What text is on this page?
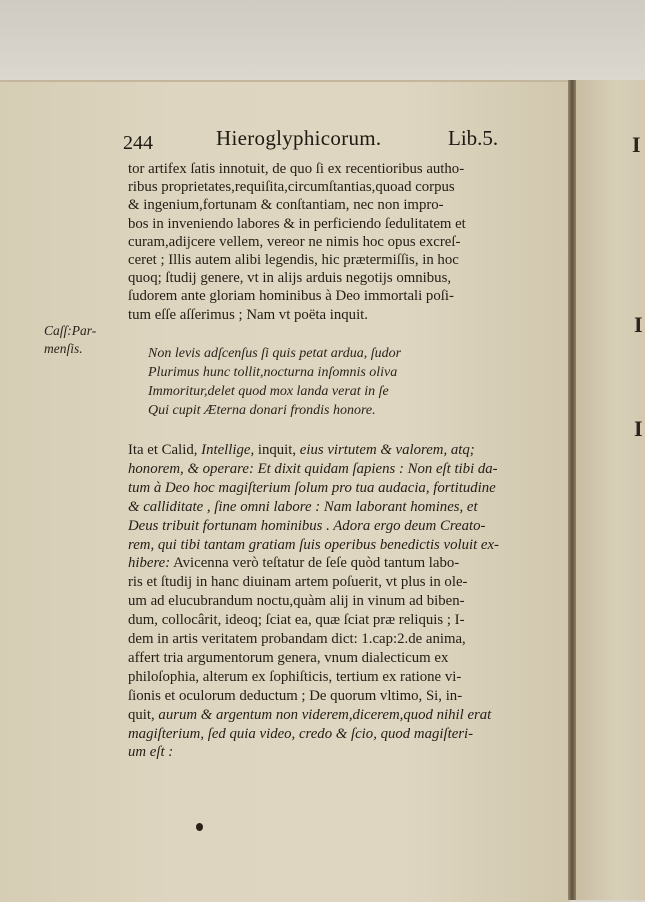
I
I
I
244	Hieroglyphicorum.	Lib.5.
Caſſ:Par-
menſis.
tor artifex ſatis innotuit, de quo ſi ex recentioribus autho-
ribus proprietates,requiſita,circumſtantias,quoad corpus
& ingenium,fortunam & conſtantiam, nec non impro-
bos in inveniendo labores & in perficiendo ſedulitatem et
curam,adijcere vellem, vereor ne nimis hoc opus excreſ-
ceret ; Illis autem alibi legendis, hic prætermiſſis, in hoc
quoq; ſtudij genere, vt in alijs arduis negotijs omnibus,
ſudorem ante gloriam hominibus à Deo immortali poſi-
tum eſſe aſſerimus ; Nam vt poëta inquit.
Non levis adſcenſus ſi quis petat ardua, ſudor
Plurimus hunc tollit,nocturna inſomnis oliva
Immoritur,delet quod mox landa verat in ſe
Qui cupit Æterna donari frondis honore.
Ita et Calid, Intellige, inquit, eius virtutem & valorem, atq;
honorem, & operare: Et dixit quidam ſapiens : Non eſt tibi da-
tum à Deo hoc magiſterium ſolum pro tua audacia, fortitudine
& calliditate , ſine omni labore : Nam laborant homines, et
Deus tribuit fortunam hominibus . Adora ergo deum Creato-
rem, qui tibi tantam gratiam ſuis operibus benedictis voluit ex-
hibere: Avicenna verò teſtatur de ſeſe quòd tantum labo-
ris et ſtudij in hanc diuinam artem poſuerit, vt plus in ole-
um ad elucubrandum noctu,quàm alij in vinum ad biben-
dum, collocârit, ideoq; ſciat ea, quæ ſciat præ reliquis ; I-
dem in artis veritatem probandam dict: 1.cap:2.de anima,
affert tria argumentorum genera, vnum dialecticum ex
philoſophia, alterum ex ſophiſticis, tertium ex ratione vi-
ſionis et oculorum deductum ; De quorum vltimo, Si, in-
quit, aurum & argentum non viderem,dicerem,quod nihil erat
magiſterium, ſed quia video, credo & ſcio, quod magiſteri-
um eſt :
